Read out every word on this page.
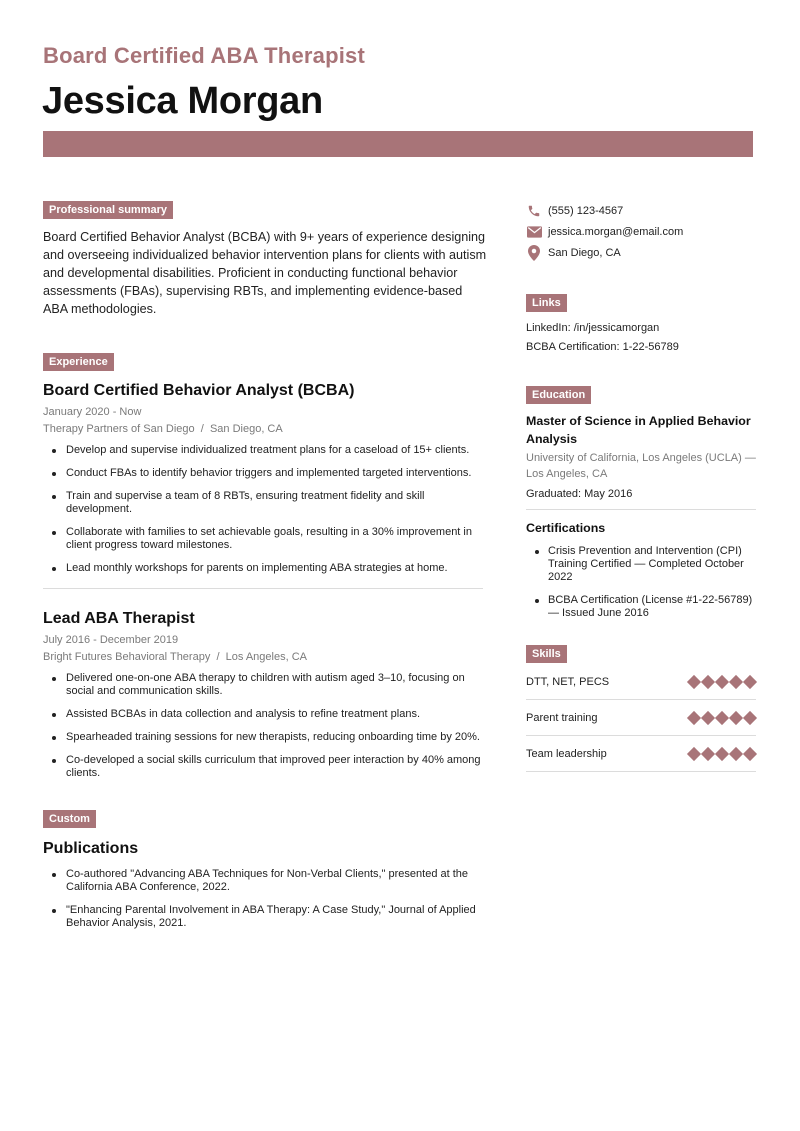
Board Certified ABA Therapist
Jessica Morgan
Professional summary

Board Certified Behavior Analyst (BCBA) with 9+ years of experience designing and overseeing individualized behavior intervention plans for clients with autism and developmental disabilities. Proficient in conducting functional behavior assessments (FBAs), supervising RBTs, and implementing evidence-based ABA methodologies.

Experience
Board Certified Behavior Analyst (BCBA)
January 2020 - Now
Therapy Partners of San Diego / San Diego, CA
Develop and supervise individualized treatment plans for a caseload of 15+ clients.
Conduct FBAs to identify behavior triggers and implemented targeted interventions.
Train and supervise a team of 8 RBTs, ensuring treatment fidelity and skill development.
Collaborate with families to set achievable goals, resulting in a 30% improvement in client progress toward milestones.
Lead monthly workshops for parents on implementing ABA strategies at home.
Lead ABA Therapist
July 2016 - December 2019
Bright Futures Behavioral Therapy / Los Angeles, CA
Delivered one-on-one ABA therapy to children with autism aged 3–10, focusing on social and communication skills.
Assisted BCBAs in data collection and analysis to refine treatment plans.
Spearheaded training sessions for new therapists, reducing onboarding time by 20%.
Co-developed a social skills curriculum that improved peer interaction by 40% among clients.
Custom
Publications
Co-authored "Advancing ABA Techniques for Non-Verbal Clients," presented at the California ABA Conference, 2022.
"Enhancing Parental Involvement in ABA Therapy: A Case Study," Journal of Applied Behavior Analysis, 2021.
(555) 123-4567
jessica.morgan@email.com
San Diego, CA
Links
LinkedIn: /in/jessicamorgan
BCBA Certification: 1-22-56789
Education
Master of Science in Applied Behavior Analysis
University of California, Los Angeles (UCLA) — Los Angeles, CA
Graduated: May 2016
Certifications
Crisis Prevention and Intervention (CPI) Training Certified — Completed October 2022
BCBA Certification (License #1-22-56789) — Issued June 2016
Skills
DTT, NET, PECS
Parent training
Team leadership
